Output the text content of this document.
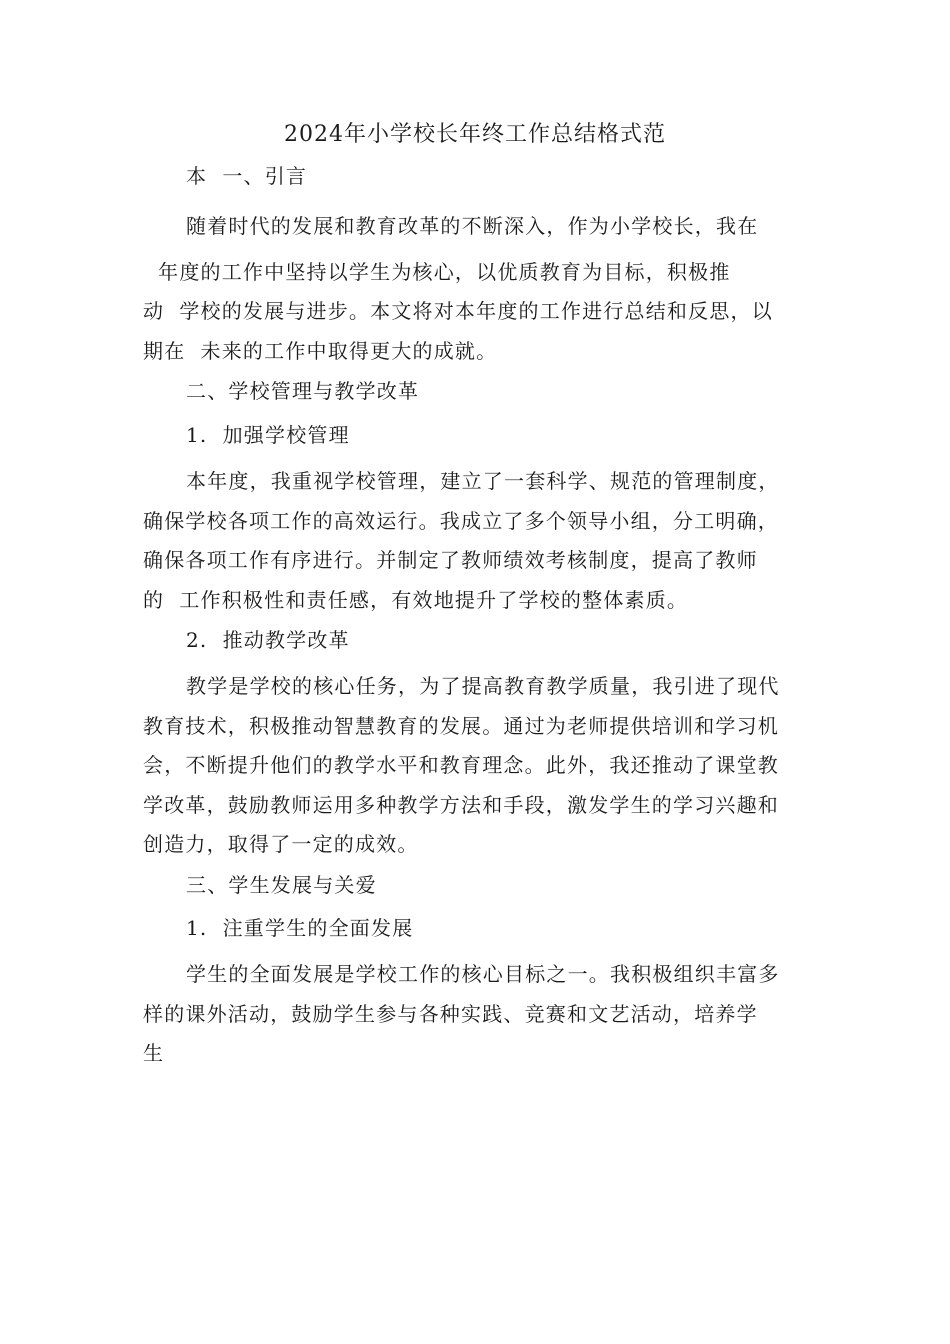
2024年小学校长年终工作总结格式范
本  一、引言
随着时代的发展和教育改革的不断深入，作为小学校长，我在
年度的工作中坚持以学生为核心，以优质教育为目标，积极推
动  学校的发展与进步。本文将对本年度的工作进行总结和反思，以
期在  未来的工作中取得更大的成就。
二、学校管理与教学改革
1.  加强学校管理
本年度，我重视学校管理，建立了一套科学、规范的管理制度，
确保学校各项工作的高效运行。我成立了多个领导小组，分工明确，
确保各项工作有序进行。并制定了教师绩效考核制度，提高了教师
的  工作积极性和责任感，有效地提升了学校的整体素质。
2.  推动教学改革
教学是学校的核心任务，为了提高教育教学质量，我引进了现代
教育技术，积极推动智慧教育的发展。通过为老师提供培训和学习机
会，不断提升他们的教学水平和教育理念。此外，我还推动了课堂教
学改革，鼓励教师运用多种教学方法和手段，激发学生的学习兴趣和
创造力，取得了一定的成效。
三、学生发展与关爱
1.  注重学生的全面发展
学生的全面发展是学校工作的核心目标之一。我积极组织丰富多
样的课外活动，鼓励学生参与各种实践、竞赛和文艺活动，培养学
生
